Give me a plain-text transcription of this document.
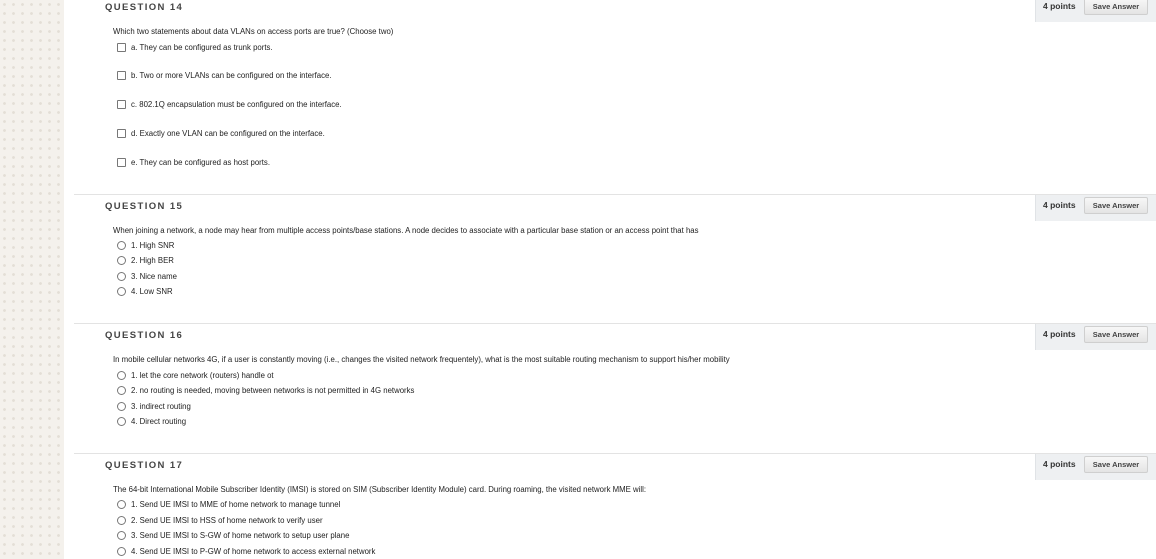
QUESTION 14	4 points	Save Answer
Which two statements about data VLANs on access ports are true? (Choose two)
a. They can be configured as trunk ports.
b. Two or more VLANs can be configured on the interface.
c. 802.1Q encapsulation must be configured on the interface.
d. Exactly one VLAN can be configured on the interface.
e. They can be configured as host ports.
QUESTION 15	4 points	Save Answer
When joining a network, a node may hear from multiple access points/base stations. A node decides to associate with a particular base station or an access point that has
1. High SNR
2. High BER
3. Nice name
4. Low SNR
QUESTION 16	4 points	Save Answer
In mobile cellular networks 4G, if a user is constantly moving (i.e., changes the visited network frequentely), what is the most suitable routing mechanism to support his/her mobility
1. let the core network (routers) handle ot
2. no routing is needed, moving between networks is not permitted in 4G networks
3. indirect routing
4. Direct routing
QUESTION 17	4 points	Save Answer
The 64-bit International Mobile Subscriber Identity (IMSI) is stored on SIM (Subscriber Identity Module) card. During roaming, the visited network MME will:
1. Send UE IMSI to MME of home network to manage tunnel
2. Send UE IMSI to HSS of home network to verify user
3. Send UE IMSI to S-GW of home network to setup user plane
4. Send UE IMSI to P-GW of home network to access external network
